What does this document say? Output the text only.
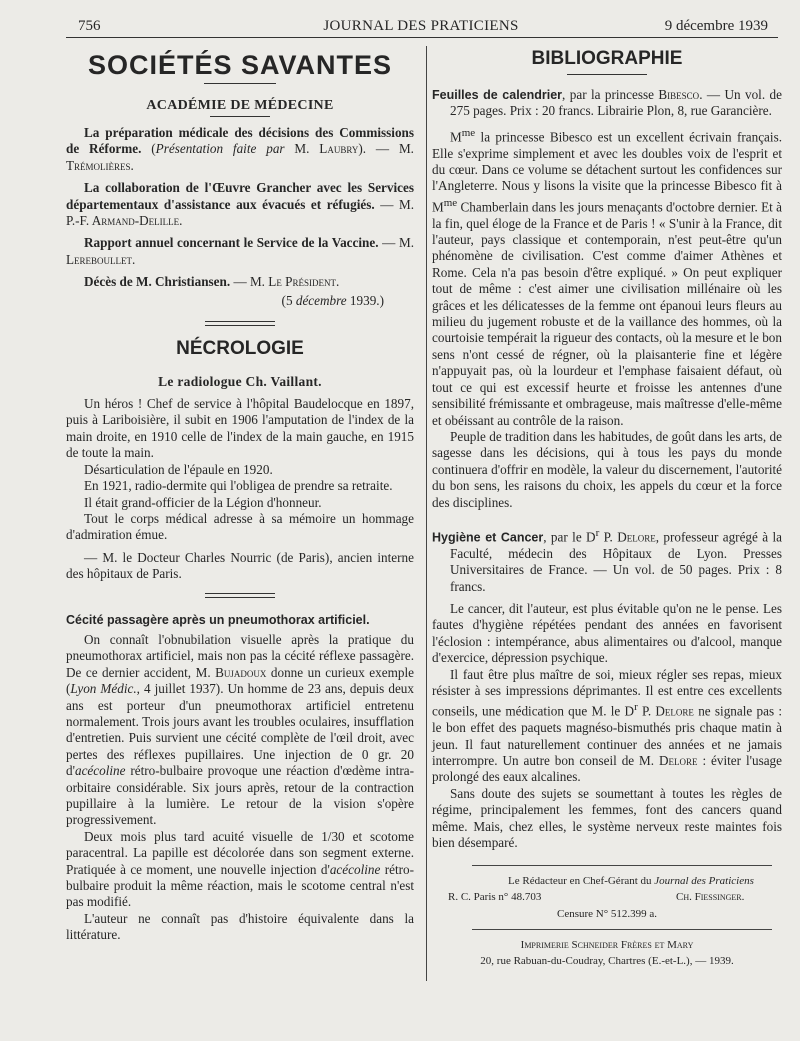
756	JOURNAL DES PRATICIENS	9 décembre 1939
SOCIÉTÉS SAVANTES
ACADÉMIE DE MÉDECINE

La préparation médicale des décisions des Commissions de Réforme. (Présentation faite par M. Laubry). — M. Trémolières.

La collaboration de l'Œuvre Grancher avec les Services départementaux d'assistance aux évacués et réfugiés. — M. P.-F. Armand-Delille.

Rapport annuel concernant le Service de la Vaccine. — M. Lereboullet.

Décès de M. Christiansen. — M. Le Président.

(5 décembre 1939.)

NÉCROLOGIE
Le radiologue Ch. Vaillant.

Un héros ! Chef de service à l'hôpital Baudelocque en 1897, puis à Lariboisière, il subit en 1906 l'amputation de l'index de la main droite, en 1910 celle de l'index de la main gauche, en 1915 de toute la main.

Désarticulation de l'épaule en 1920.

En 1921, radio-dermite qui l'obligea de prendre sa retraite.

Il était grand-officier de la Légion d'honneur.

Tout le corps médical adresse à sa mémoire un hommage d'admiration émue.

— M. le Docteur Charles Nourric (de Paris), ancien interne des hôpitaux de Paris.

Cécité passagère après un pneumothorax artificiel.

On connaît l'obnubilation visuelle après la pratique du pneumothorax artificiel, mais non pas la cécité réflexe passagère. De ce dernier accident, M. Bujadoux donne un curieux exemple (Lyon Médic., 4 juillet 1937). Un homme de 23 ans, depuis deux ans est porteur d'un pneumothorax artificiel entretenu normalement. Trois jours avant les troubles oculaires, insufflation d'entretien. Puis survient une cécité complète de l'œil droit, avec pertes des réflexes pupillaires. Une injection de 0 gr. 20 d'acécoline rétro-bulbaire provoque une réaction d'œdème intra-orbitaire considérable. Six jours après, retour de la contraction pupillaire à la lumière. Le retour de la vision s'opère progressivement.

Deux mois plus tard acuité visuelle de 1/30 et scotome paracentral. La papille est décolorée dans son segment externe. Pratiquée à ce moment, une nouvelle injection d'acécoline rétro-bulbaire produit la même réaction, mais le scotome central n'est pas modifié.

L'auteur ne connaît pas d'histoire équivalente dans la littérature.

BIBLIOGRAPHIE

Feuilles de calendrier, par la princesse Bibesco. — Un vol. de 275 pages. Prix : 20 francs. Librairie Plon, 8, rue Garancière.

$M^{me}$ la princesse Bibesco est un excellent écrivain français. Elle s'exprime simplement et avec les doubles voix de l'esprit et du cœur. Dans ce volume se détachent surtout les confidences sur l'Angleterre. Nous y lisons la visite que la princesse Bibesco fit à $M^{me}$ Chamberlain dans les jours menaçants d'octobre dernier. Et à la fin, quel éloge de la France et de Paris ! « S'unir à la France, dit l'auteur, pays classique et contemporain, n'est peut-être qu'un phénomène de civilisation. C'est comme d'aimer Athènes et Rome. Cela n'a pas besoin d'être expliqué. » On peut expliquer tout de même : c'est aimer une civilisation millénaire où les grâces et les délicatesses de la femme ont épanoui leurs fleurs au milieu du jugement robuste et de la vaillance des hommes, où la courtoisie tempérait la rigueur des contacts, où la mesure et le bon sens n'ont cessé de régner, où la plaisanterie fine et légère n'appuyait pas, où la lourdeur et l'emphase faisaient défaut, où tout ce qui est excessif heurte et froisse les antennes d'une sensibilité frémissante et ombrageuse, mais maîtresse d'elle-même et obéissant au contrôle de la raison.

Peuple de tradition dans les habitudes, de goût dans les arts, de sagesse dans les décisions, qui à tous les pays du monde continuera d'offrir en modèle, la valeur du discernement, l'autorité du bon sens, les raisons du choix, les appels du cœur et la force des disciplines.

Hygiène et Cancer, par le $D^r$ P. Delore, professeur agrégé à la Faculté, médecin des Hôpitaux de Lyon. Presses Universitaires de France. — Un vol. de 50 pages. Prix : 8 francs.

Le cancer, dit l'auteur, est plus évitable qu'on ne le pense. Les fautes d'hygiène répétées pendant des années en favorisent l'éclosion : intempérance, abus alimentaires ou d'alcool, manque d'exercice, dépression psychique.

Il faut être plus maître de soi, mieux régler ses repas, mieux résister à ses impressions déprimantes. Il est entre ces excellents conseils, une médication que M. le $D^r$ P. Delore ne signale pas : le bon effet des paquets magnéso-bismuthés pris chaque matin à jeun. Il faut naturellement continuer des années et ne jamais interrompre. Un autre bon conseil de M. Delore : éviter l'usage prolongé des eaux alcalines.

Sans doute des sujets se soumettant à toutes les règles de régime, principalement les femmes, font des cancers quand même. Mais, chez elles, le système nerveux reste maintes fois bien désemparé.

Le Rédacteur en Chef-Gérant du Journal des Praticiens
R. C. Paris n° 48.703	Ch. Fiessinger.
Censure N° 512.399 a.
Imprimerie Schneider Frères et Mary
20, rue Rabuan-du-Coudray, Chartres (E.-et-L.), — 1939.
